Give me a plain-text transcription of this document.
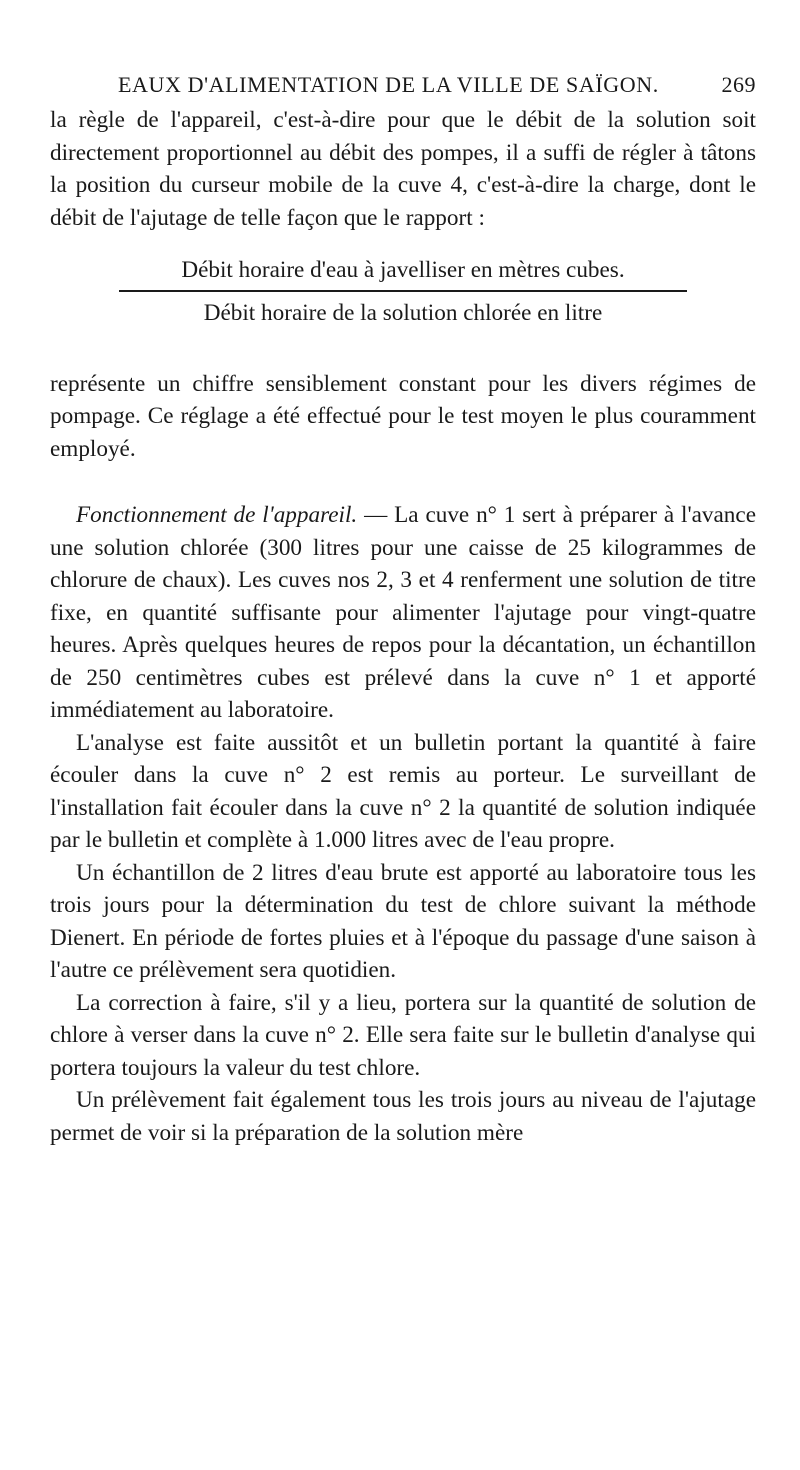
EAUX D'ALIMENTATION DE LA VILLE DE SAÏGON.	269

la règle de l'appareil, c'est-à-dire pour que le débit de la solution soit directement proportionnel au débit des pompes, il a suffi de régler à tâtons la position du curseur mobile de la cuve 4, c'est-à-dire la charge, dont le débit de l'ajutage de telle façon que le rapport :

Débit horaire d'eau à javelliser en mètres cubes.
Débit horaire de la solution chlorée en litre

représente un chiffre sensiblement constant pour les divers régimes de pompage. Ce réglage a été effectué pour le test moyen le plus couramment employé.

Fonctionnement de l'appareil. — La cuve n° 1 sert à préparer à l'avance une solution chlorée (300 litres pour une caisse de 25 kilogrammes de chlorure de chaux). Les cuves nos 2, 3 et 4 renferment une solution de titre fixe, en quantité suffisante pour alimenter l'ajutage pour vingt-quatre heures. Après quelques heures de repos pour la décantation, un échantillon de 250 centimètres cubes est prélevé dans la cuve n° 1 et apporté immédiatement au laboratoire.

L'analyse est faite aussitôt et un bulletin portant la quantité à faire écouler dans la cuve n° 2 est remis au porteur. Le surveillant de l'installation fait écouler dans la cuve n° 2 la quantité de solution indiquée par le bulletin et complète à 1.000 litres avec de l'eau propre.

Un échantillon de 2 litres d'eau brute est apporté au laboratoire tous les trois jours pour la détermination du test de chlore suivant la méthode Dienert. En période de fortes pluies et à l'époque du passage d'une saison à l'autre ce prélèvement sera quotidien.

La correction à faire, s'il y a lieu, portera sur la quantité de solution de chlore à verser dans la cuve n° 2. Elle sera faite sur le bulletin d'analyse qui portera toujours la valeur du test chlore.

Un prélèvement fait également tous les trois jours au niveau de l'ajutage permet de voir si la préparation de la solution mère
